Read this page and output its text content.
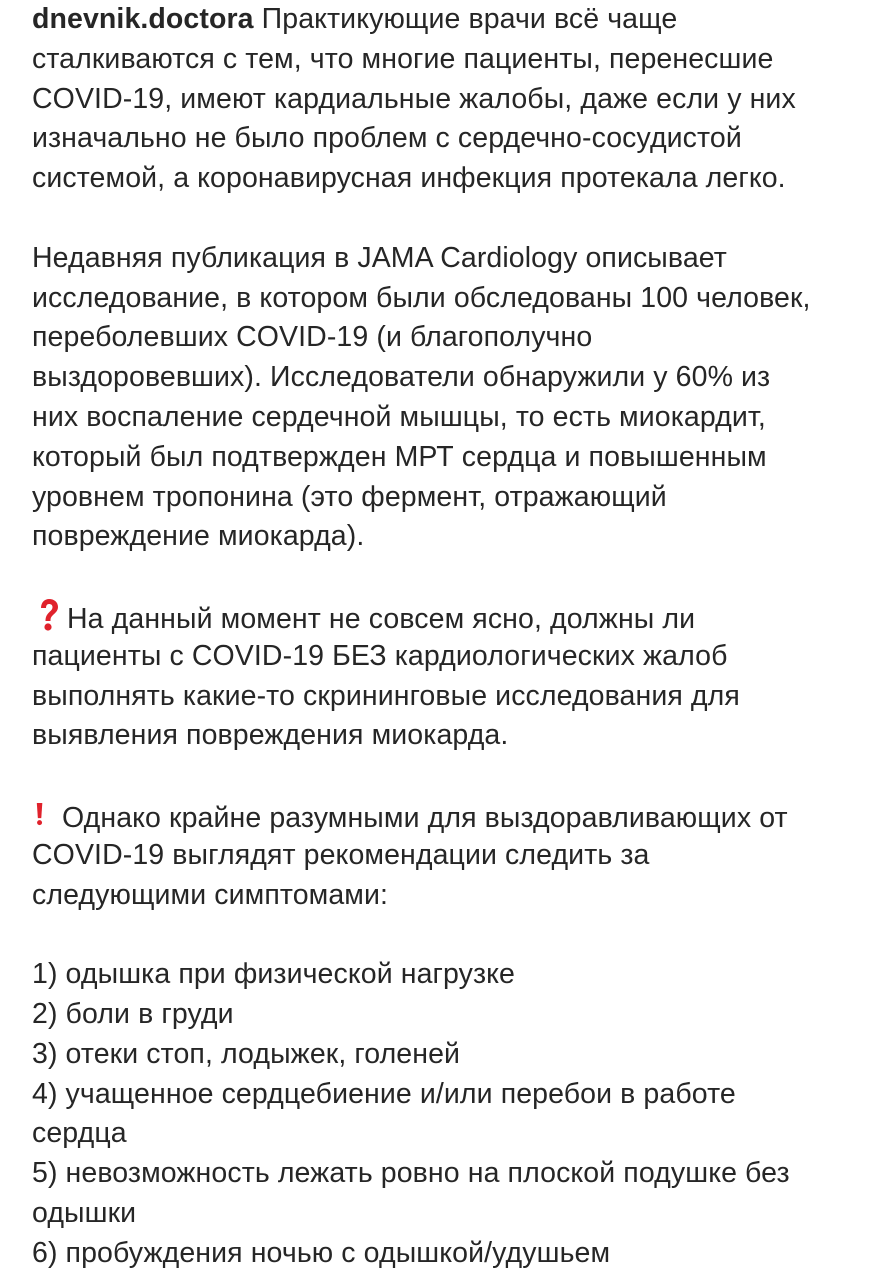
dnevnik.doctora Практикующие врачи всё чаще
сталкиваются с тем, что многие пациенты, перенесшие
COVID-19, имеют кардиальные жалобы, даже если у них
изначально не было проблем с сердечно-сосудистой
системой, а коронавирусная инфекция протекала легко.
Недавняя публикация в JAMA Cardiology описывает
исследование, в котором были обследованы 100 человек,
переболевших COVID-19 (и благополучно
выздоровевших). Исследователи обнаружили у 60% из
них воспаление сердечной мышцы, то есть миокардит,
который был подтвержден МРТ сердца и повышенным
уровнем тропонина (это фермент, отражающий
повреждение миокарда).
На данный момент не совсем ясно, должны ли
пациенты с COVID-19 БЕЗ кардиологических жалоб
выполнять какие-то скрининговые исследования для
выявления повреждения миокарда.
Однако крайне разумными для выздоравливающих от
COVID-19 выглядят рекомендации следить за
следующими симптомами:
1) одышка при физической нагрузке
2) боли в груди
3) отеки стоп, лодыжек, голеней
4) учащенное сердцебиение и/или перебои в работе
сердца
5) невозможность лежать ровно на плоской подушке без
одышки
6) пробуждения ночью с одышкой/удушьем
